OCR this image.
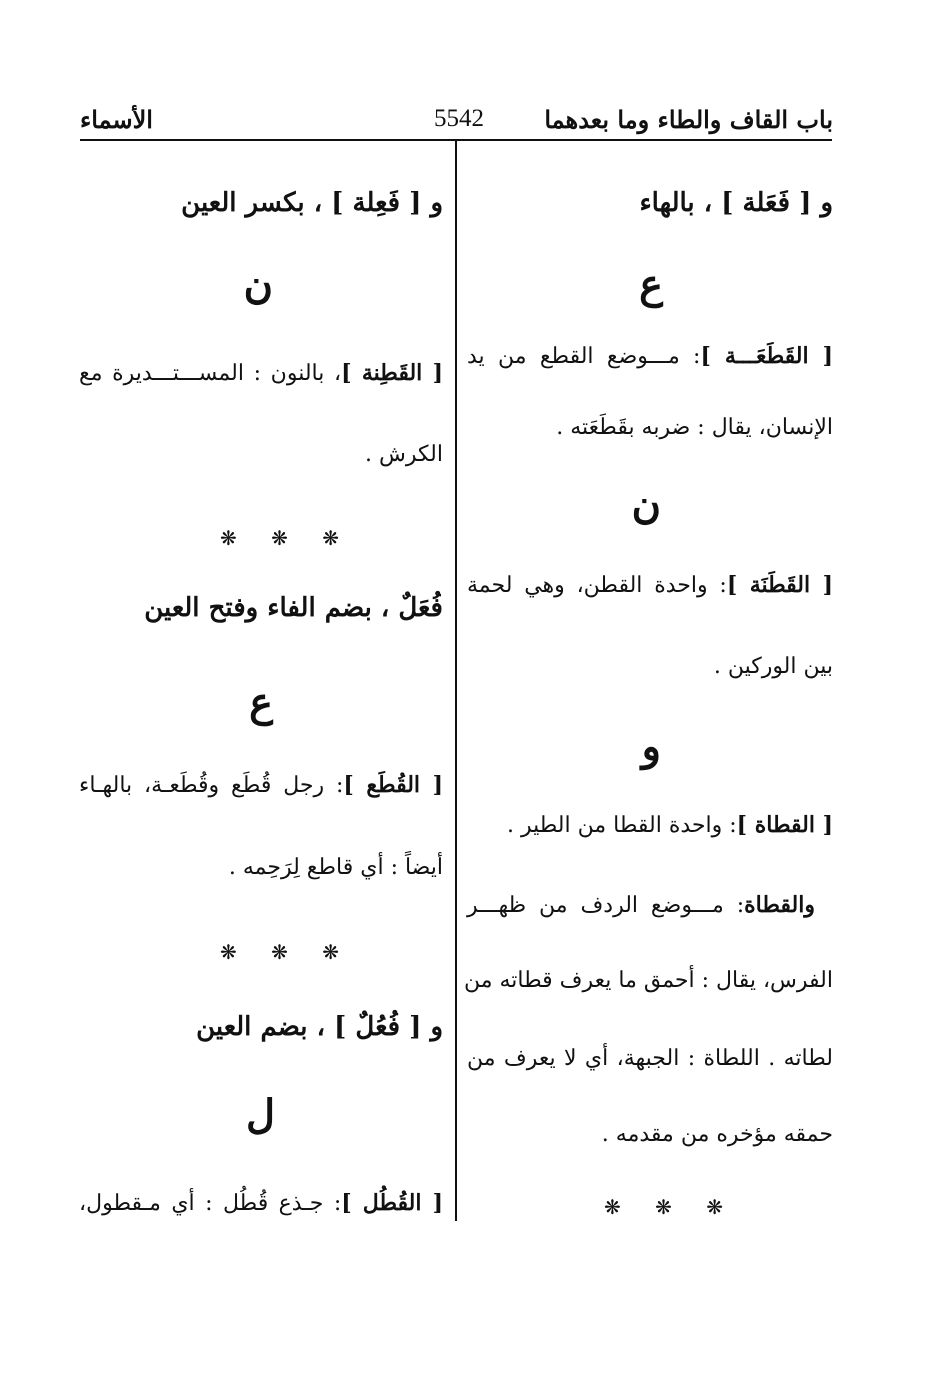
باب القاف والطاء وما بعدهما
5542
الأسماء
و [ فَعَلة ] ، بالهاء
ع
[ القَطَعَـــة ]: مـــوضع القطع من يد
الإنسان، يقال : ضربه بقَطَعَته .
ن
[ القَطَنَة ]: واحدة القطن، وهي لحمة
بين الوركين .
و
[ القطاة ]: واحدة القطا من الطير .
والقطاة: مـــوضع الردف من ظهـــر
الفرس، يقال : أحمق ما يعرف قطاته من
لطاته . اللطاة : الجبهة، أي لا يعرف من
حمقه مؤخره من مقدمه .
❋ ❋ ❋
و [ فَعِلة ] ، بكسر العين
ن
[ القَطِنة ]، بالنون : المســـتـــديرة مع
الكرش .
❋ ❋ ❋
فُعَلٌ ، بضم الفاء وفتح العين
ع
[ القُطَع ]: رجل قُطَع وقُطَعـة، بالهـاء
أيضاً : أي قاطع لِرَحِمه .
❋ ❋ ❋
و [ فُعُلٌ ] ، بضم العين
ل
[ القُطُل ]: جـذع قُطُل : أي مـقطول،
